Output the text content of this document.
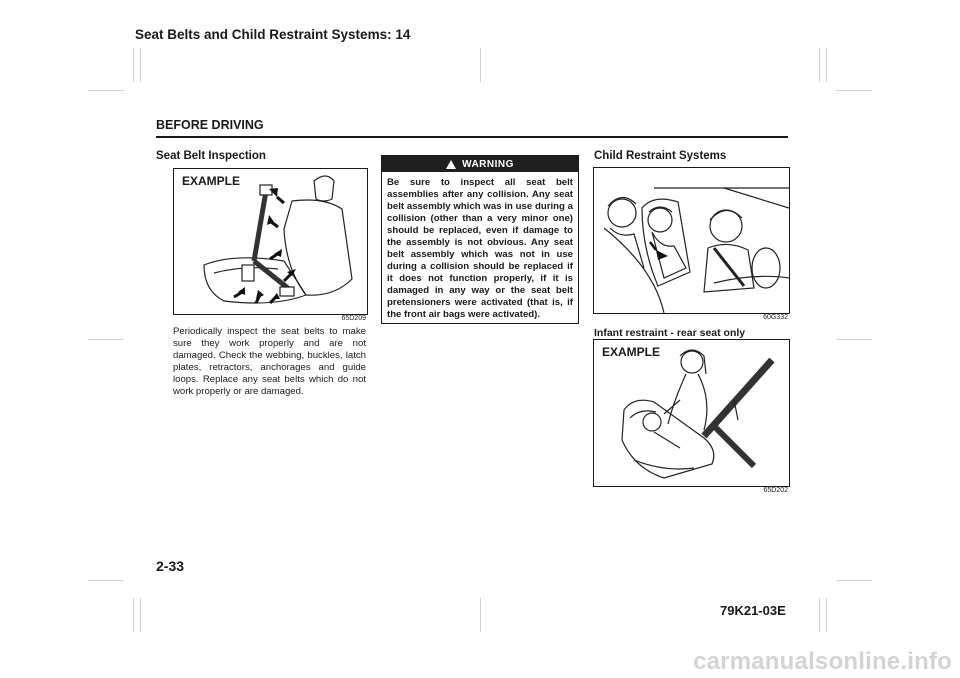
Seat Belts and Child Restraint Systems: 14
BEFORE DRIVING
Seat Belt Inspection
EXAMPLE
65D209
Periodically inspect the seat belts to make sure they work properly and are not damaged. Check the webbing, buckles, latch plates, retractors, anchorages and guide loops. Replace any seat belts which do not work properly or are damaged.
WARNING
Be sure to inspect all seat belt assemblies after any collision. Any seat belt assembly which was in use during a collision (other than a very minor one) should be replaced, even if damage to the assembly is not obvious. Any seat belt assembly which was not in use during a collision should be replaced if it does not function properly, if it is damaged in any way or the seat belt pretensioners were activated (that is, if the front air bags were activated).
Child Restraint Systems
60G332
Infant restraint - rear seat only
EXAMPLE
65D202
2-33
79K21-03E
carmanualsonline.info
